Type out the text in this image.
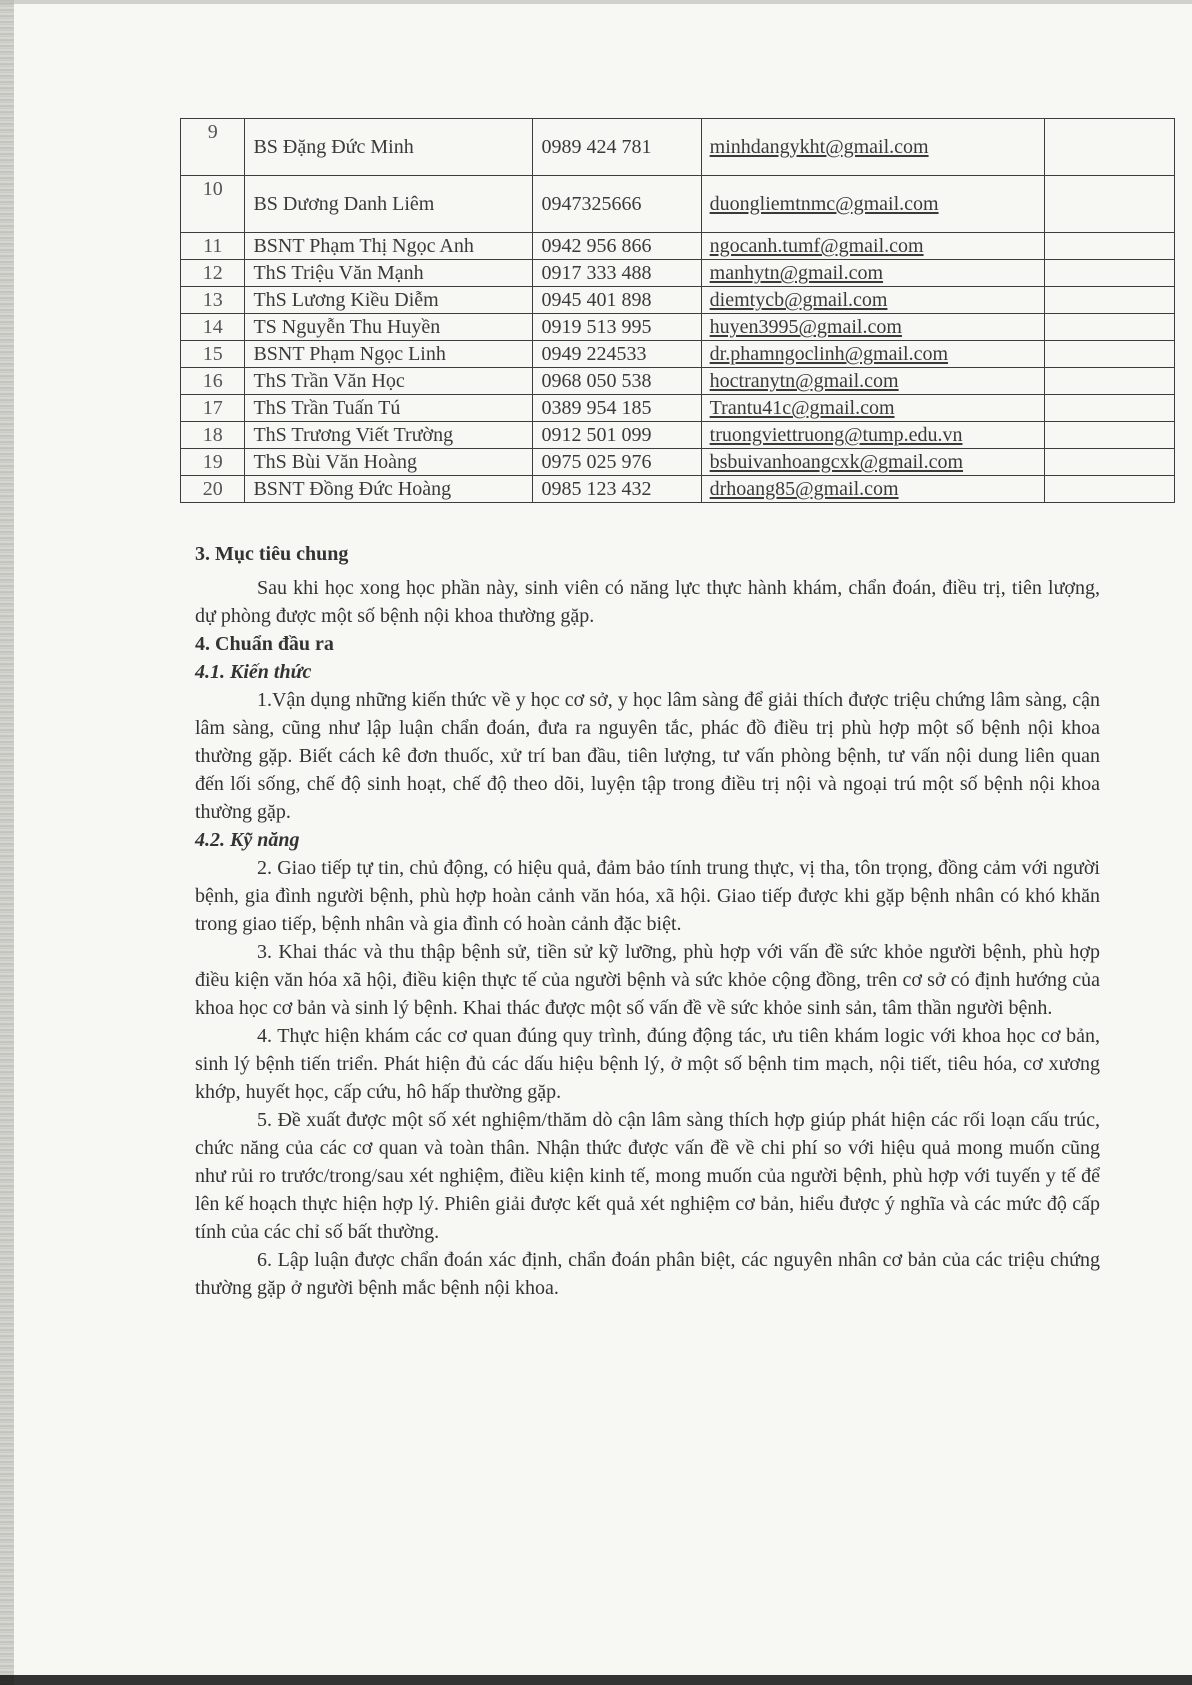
9	BS Đặng Đức Minh	0989 424 781	minhdangykht@gmail.com	
10	BS Dương Danh Liêm	0947325666	duongliemtnmc@gmail.com	
11	BSNT Phạm Thị Ngọc Anh	0942 956 866	ngocanh.tumf@gmail.com	
12	ThS Triệu Văn Mạnh	0917 333 488	manhytn@gmail.com	
13	ThS Lương Kiều Diễm	0945 401 898	diemtycb@gmail.com	
14	TS Nguyễn Thu Huyền	0919 513 995	huyen3995@gmail.com	
15	BSNT Phạm Ngọc Linh	0949 224533	dr.phamngoclinh@gmail.com	
16	ThS Trần Văn Học	0968 050 538	hoctranytn@gmail.com	
17	ThS Trần Tuấn Tú	0389 954 185	Trantu41c@gmail.com	
18	ThS Trương Viết Trường	0912 501 099	truongviettruong@tump.edu.vn	
19	ThS Bùi Văn Hoàng	0975 025 976	bsbuivanhoangcxk@gmail.com	
20	BSNT Đồng Đức Hoàng	0985 123 432	drhoang85@gmail.com	

3. Mục tiêu chung

Sau khi học xong học phần này, sinh viên có năng lực thực hành khám, chẩn đoán, điều trị, tiên lượng, dự phòng được một số bệnh nội khoa thường gặp.

4. Chuẩn đầu ra

4.1. Kiến thức

1.Vận dụng những kiến thức về y học cơ sở, y học lâm sàng để giải thích được triệu chứng lâm sàng, cận lâm sàng, cũng như lập luận chẩn đoán, đưa ra nguyên tắc, phác đồ điều trị phù hợp một số bệnh nội khoa thường gặp. Biết cách kê đơn thuốc, xử trí ban đầu, tiên lượng, tư vấn phòng bệnh, tư vấn nội dung liên quan đến lối sống, chế độ sinh hoạt, chế độ theo dõi, luyện tập trong điều trị nội và ngoại trú một số bệnh nội khoa thường gặp.

4.2. Kỹ năng

2. Giao tiếp tự tin, chủ động, có hiệu quả, đảm bảo tính trung thực, vị tha, tôn trọng, đồng cảm với người bệnh, gia đình người bệnh, phù hợp hoàn cảnh văn hóa, xã hội. Giao tiếp được khi gặp bệnh nhân có khó khăn trong giao tiếp, bệnh nhân và gia đình có hoàn cảnh đặc biệt.

3. Khai thác và thu thập bệnh sử, tiền sử kỹ lưỡng, phù hợp với vấn đề sức khỏe người bệnh, phù hợp điều kiện văn hóa xã hội, điều kiện thực tế của người bệnh và sức khỏe cộng đồng, trên cơ sở có định hướng của khoa học cơ bản và sinh lý bệnh. Khai thác được một số vấn đề về sức khỏe sinh sản, tâm thần người bệnh.

4. Thực hiện khám các cơ quan đúng quy trình, đúng động tác, ưu tiên khám logic với khoa học cơ bản, sinh lý bệnh tiến triển. Phát hiện đủ các dấu hiệu bệnh lý, ở một số bệnh tim mạch, nội tiết, tiêu hóa, cơ xương khớp, huyết học, cấp cứu, hô hấp thường gặp.

5. Đề xuất được một số xét nghiệm/thăm dò cận lâm sàng thích hợp giúp phát hiện các rối loạn cấu trúc, chức năng của các cơ quan và toàn thân. Nhận thức được vấn đề về chi phí so với hiệu quả mong muốn cũng như rủi ro trước/trong/sau xét nghiệm, điều kiện kinh tế, mong muốn của người bệnh, phù hợp với tuyến y tế để lên kế hoạch thực hiện hợp lý. Phiên giải được kết quả xét nghiệm cơ bản, hiểu được ý nghĩa và các mức độ cấp tính của các chỉ số bất thường.

6. Lập luận được chẩn đoán xác định, chẩn đoán phân biệt, các nguyên nhân cơ bản của các triệu chứng thường gặp ở người bệnh mắc bệnh nội khoa.
